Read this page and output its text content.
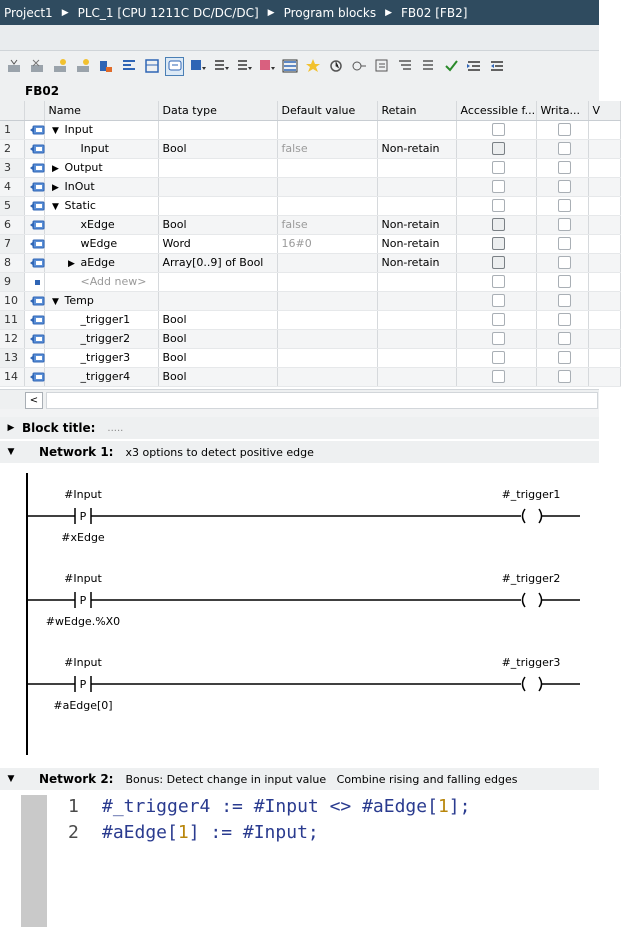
Project1 ▶ PLC_1 [CPU 1211C DC/DC/DC] ▶ Program blocks ▶ FB02 [FB2]
FB02
		Name	Data type	Default value	Retain	Accessible f...	Writa...	V
1		▼ Input				

2		Input	Bool	false	Non-retain	

3		▶ Output				

4		▶ InOut				

5		▼ Static				

6		xEdge	Bool	false	Non-retain	

7		wEdge	Word	16#0	Non-retain	

8		▶ aEdge	Array[0..9] of Bool		Non-retain	

9		<Add new>				

10		▼ Temp				

11		_trigger1	Bool			

12		_trigger2	Bool			

13		_trigger3	Bool			

14		_trigger4	Bool			

<
▶ Block title: .....
▼	Network 1: x3 options to detect positive edge
P
#Input
#xEdge
#_trigger1
P
#Input
#wEdge.%X0
#_trigger2
P
#Input
#aEdge[0]
#_trigger3
▼	Network 2: Bonus: Detect change in input value   Combine rising and falling edges
1 #_trigger4 := #Input <> #aEdge[1];
2 #aEdge[1] := #Input;
